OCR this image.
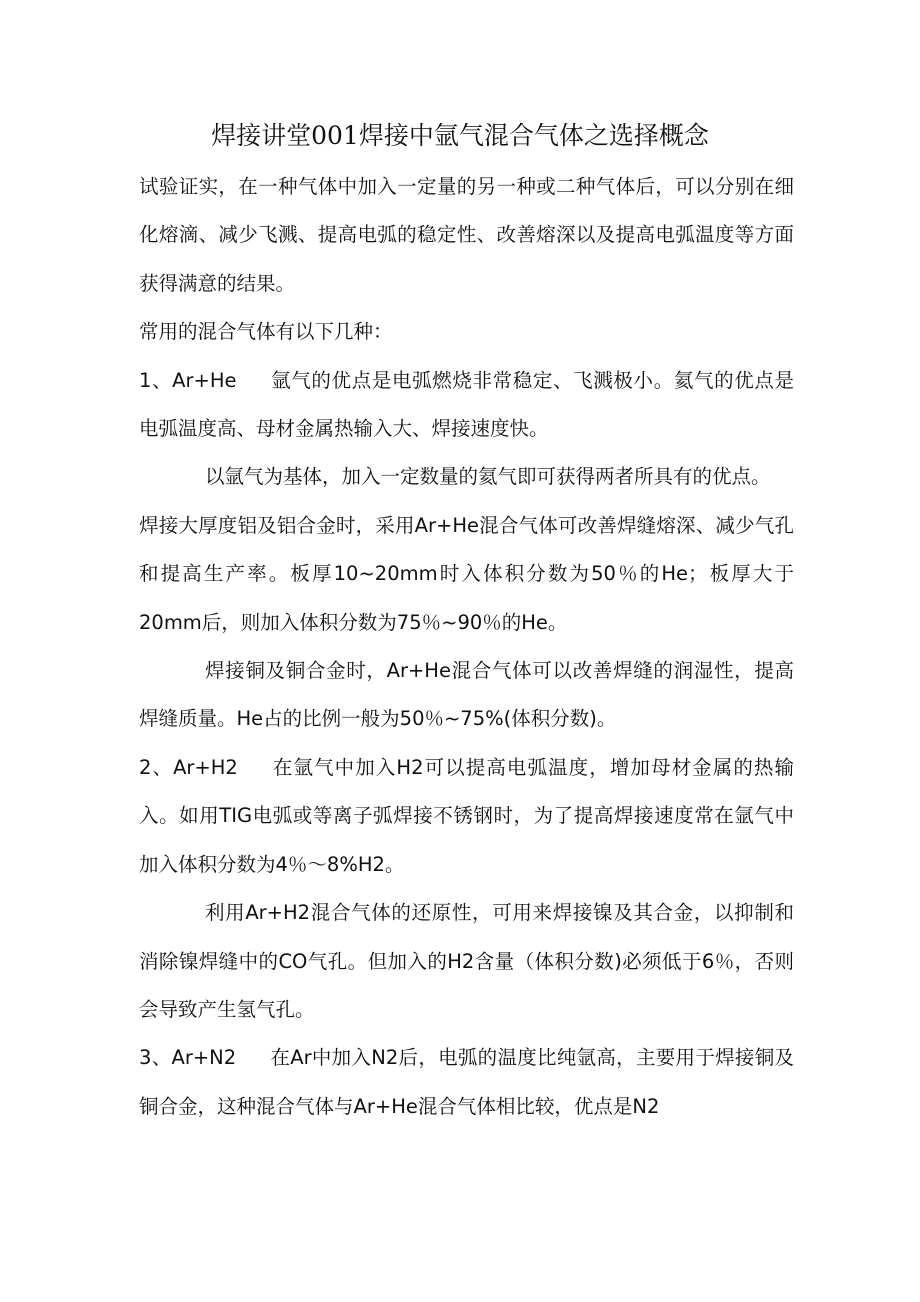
焊接讲堂001焊接中氩气混合气体之选择概念

试验证实，在一种气体中加入一定量的另一种或二种气体后，可以分别在细化熔滴、减少飞溅、提高电弧的稳定性、改善熔深以及提高电弧温度等方面获得满意的结果。

常用的混合气体有以下几种：

1、Ar+He 氩气的优点是电弧燃烧非常稳定、飞溅极小。氦气的优点是电弧温度高、母材金属热输入大、焊接速度快。

以氩气为基体，加入一定数量的氦气即可获得两者所具有的优点。

焊接大厚度铝及铝合金时，采用Ar+He混合气体可改善焊缝熔深、减少气孔和提高生产率。板厚10~20mm时入体积分数为50％的He；板厚大于20mm后，则加入体积分数为75％~90％的He。

焊接铜及铜合金时，Ar+He混合气体可以改善焊缝的润湿性，提高焊缝质量。He占的比例一般为50％~75%(体积分数)。

2、Ar+H2 在氩气中加入H2可以提高电弧温度，增加母材金属的热输入。如用TIG电弧或等离子弧焊接不锈钢时，为了提高焊接速度常在氩气中加入体积分数为4％～8%H2。

利用Ar+H2混合气体的还原性，可用来焊接镍及其合金，以抑制和消除镍焊缝中的CO气孔。但加入的H2含量（体积分数)必须低于6％，否则会导致产生氢气孔。

3、Ar+N2 在Ar中加入N2后，电弧的温度比纯氩高，主要用于焊接铜及铜合金，这种混合气体与Ar+He混合气体相比较，优点是N2
